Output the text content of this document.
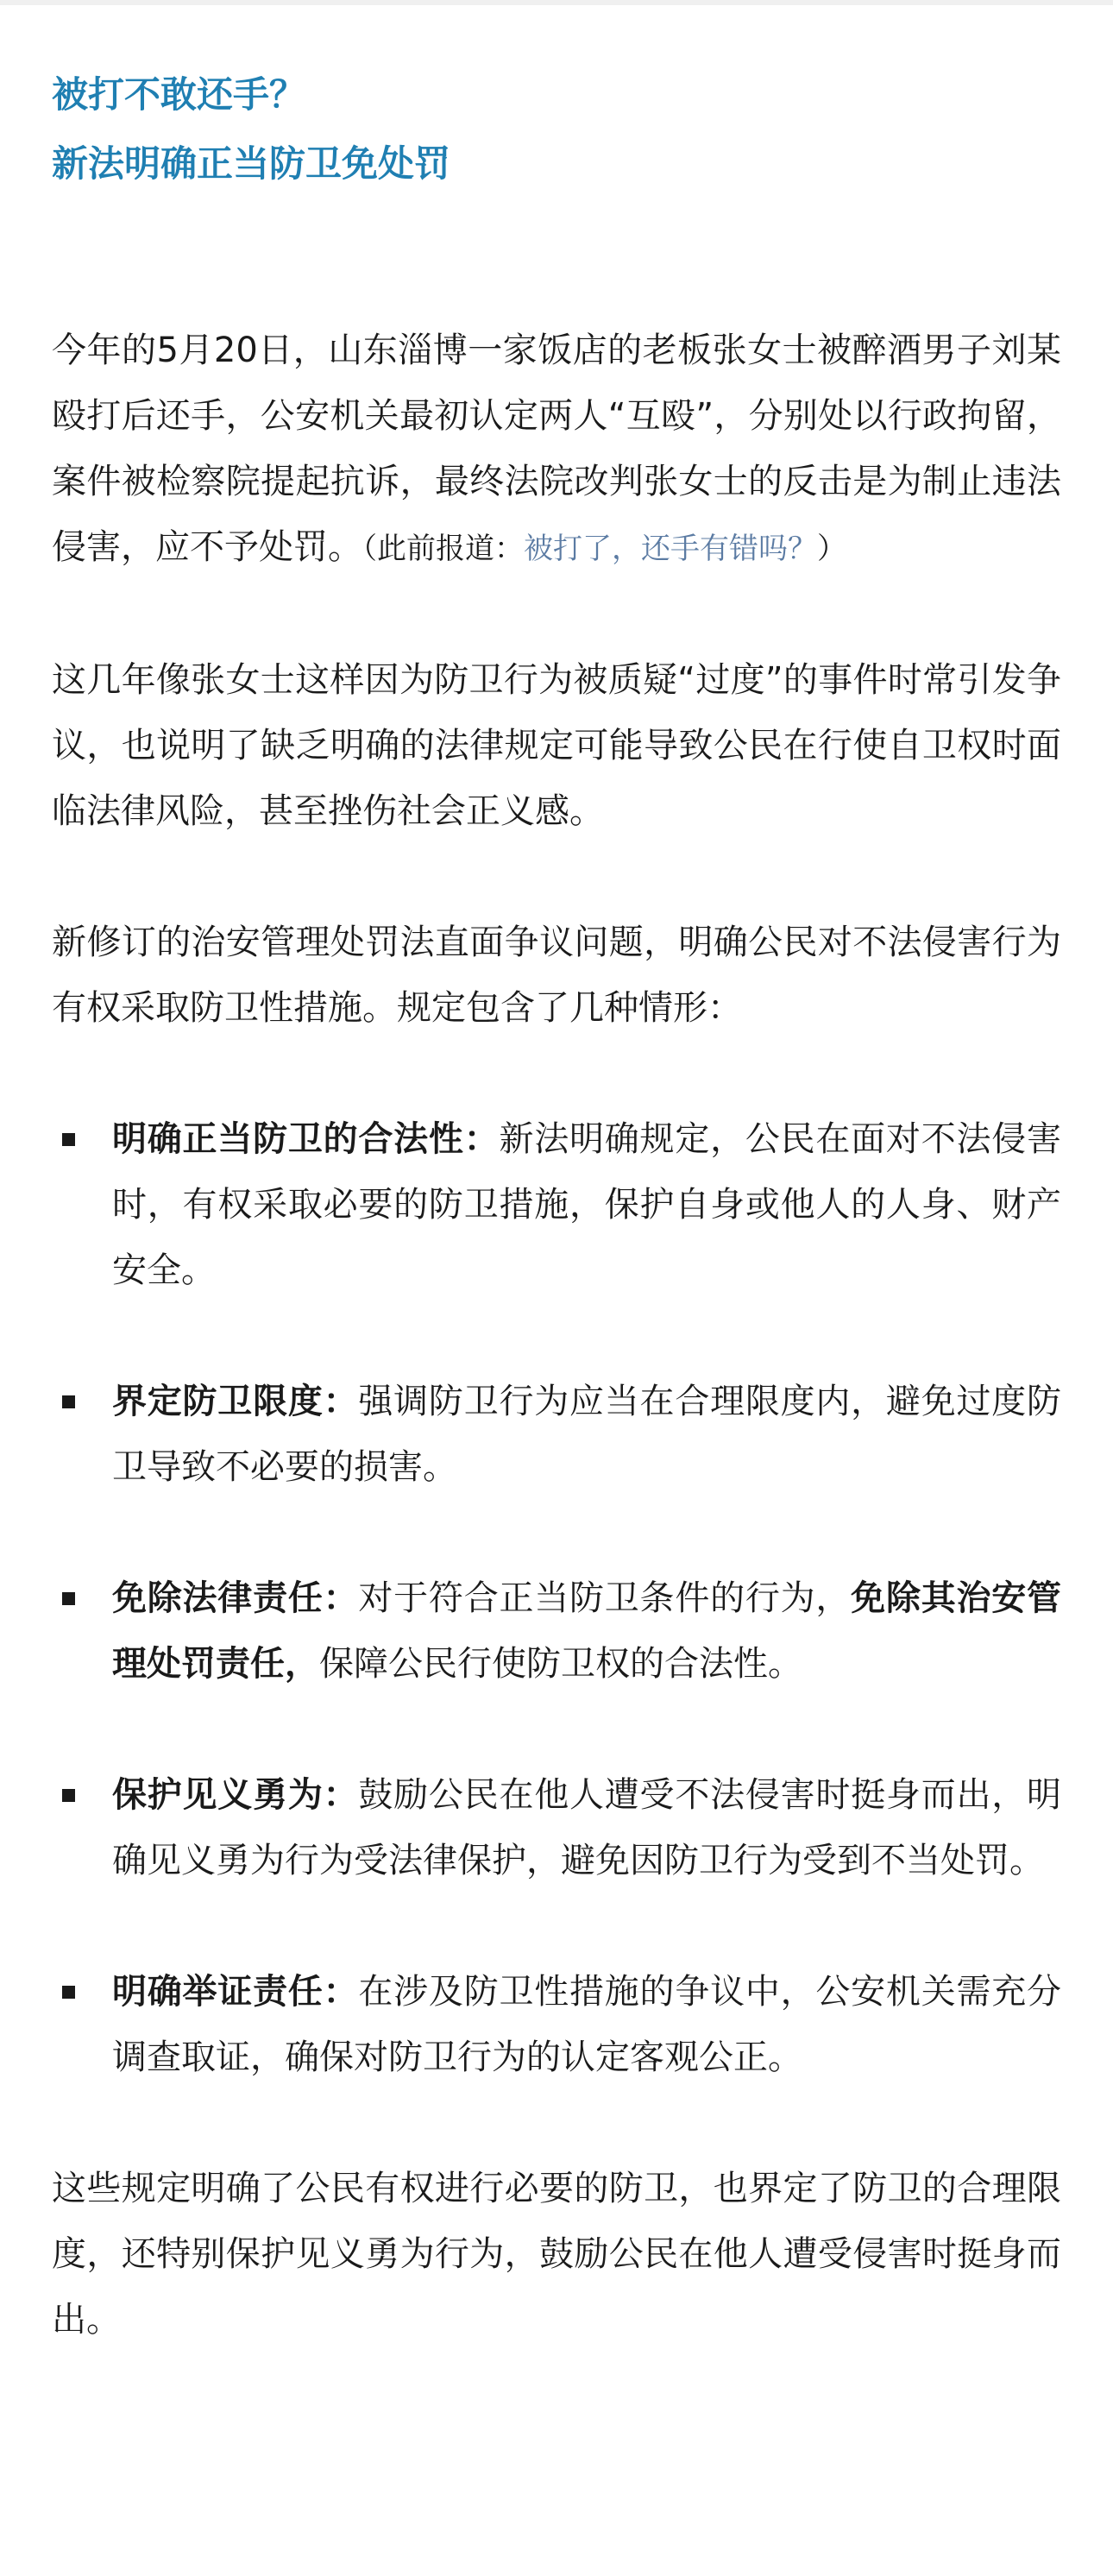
被打不敢还手？
新法明确正当防卫免处罚

今年的5月20日，山东淄博一家饭店的老板张女士被醉酒男子刘某殴打后还手，公安机关最初认定两人“互殴”，分别处以行政拘留，案件被检察院提起抗诉，最终法院改判张女士的反击是为制止违法侵害，应不予处罚。（此前报道：被打了，还手有错吗？）

这几年像张女士这样因为防卫行为被质疑“过度”的事件时常引发争议，也说明了缺乏明确的法律规定可能导致公民在行使自卫权时面临法律风险，甚至挫伤社会正义感。

新修订的治安管理处罚法直面争议问题，明确公民对不法侵害行为有权采取防卫性措施。规定包含了几种情形：

明确正当防卫的合法性：新法明确规定，公民在面对不法侵害时，有权采取必要的防卫措施，保护自身或他人的人身、财产安全。
界定防卫限度：强调防卫行为应当在合理限度内，避免过度防卫导致不必要的损害。
免除法律责任：对于符合正当防卫条件的行为，免除其治安管理处罚责任，保障公民行使防卫权的合法性。
保护见义勇为：鼓励公民在他人遭受不法侵害时挺身而出，明确见义勇为行为受法律保护，避免因防卫行为受到不当处罚。
明确举证责任：在涉及防卫性措施的争议中，公安机关需充分调查取证，确保对防卫行为的认定客观公正。

这些规定明确了公民有权进行必要的防卫，也界定了防卫的合理限度，还特别保护见义勇为行为，鼓励公民在他人遭受侵害时挺身而出。
